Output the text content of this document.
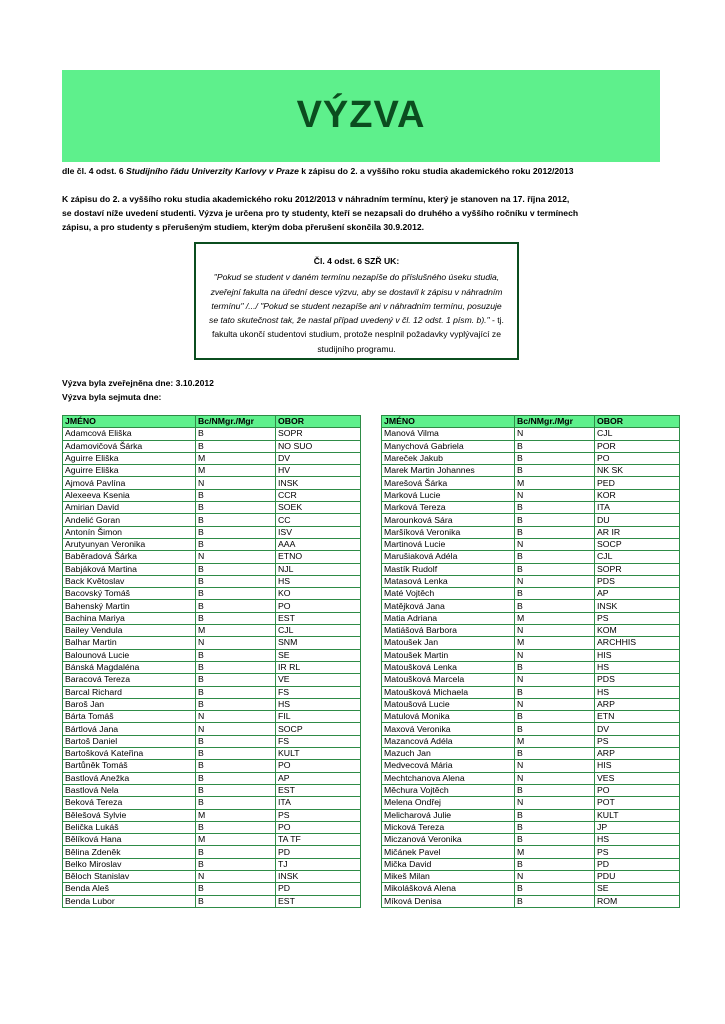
VÝZVA
dle čl. 4 odst. 6 Studijního řádu Univerzity Karlovy v Praze k zápisu do 2. a vyššího roku studia akademického roku 2012/2013
K zápisu do 2. a vyššího roku studia akademického roku 2012/2013 v náhradním termínu, který je stanoven na 17. října 2012,
se dostaví níže uvedení studenti. Výzva je určena pro ty studenty, kteří se nezapsali do druhého a vyššího ročníku v termínech
zápisu, a pro studenty s přerušeným studiem, kterým doba přerušení skončila 30.9.2012.
Čl. 4 odst. 6 SZŘ UK:
"Pokud se student v daném termínu nezapíše do příslušného úseku studia,
zveřejní fakulta na úřední desce výzvu, aby se dostavil k zápisu v náhradním
termínu" /.../ "Pokud se student nezapíše ani v náhradním termínu, posuzuje
se tato skutečnost tak, že nastal případ uvedený v čl. 12 odst. 1 písm. b)." - tj.
fakulta ukončí studentovi studium, protože nesplnil požadavky vyplývající ze
studijního programu.
Výzva byla zveřejněna dne: 3.10.2012
Výzva byla sejmuta dne:
JMÉNO	Bc/NMgr./Mgr	OBOR
Adamcová Eliška	B	SOPR
Adamovičová Šárka	B	NO SUO
Aguirre Eliška	M	DV
Aguirre Eliška	M	HV
Ajmová Pavlína	N	INSK
Alexeeva Ksenia	B	CCR
Amirian David	B	SOEK
Andelić Goran	B	CC
Antonín Šimon	B	ISV
Arutyunyan Veronika	B	AAA
Baběradová Šárka	N	ETNO
Babjáková Martina	B	NJL
Back Květoslav	B	HS
Bacovský Tomáš	B	KO
Bahenský Martin	B	PO
Bachina Mariya	B	EST
Bailey Vendula	M	CJL
Balhar Martin	N	SNM
Balounová Lucie	B	SE
Bánská Magdaléna	B	IR RL
Baracová Tereza	B	VE
Barcal Richard	B	FS
Baroš Jan	B	HS
Bárta Tomáš	N	FIL
Bártlová Jana	N	SOCP
Bartoš Daniel	B	FS
Bartošková Kateřina	B	KULT
Bartůněk Tomáš	B	PO
Bastlová Anežka	B	AP
Bastlová Nela	B	EST
Beková Tereza	B	ITA
Bělešová Sylvie	M	PS
Belička Lukáš	B	PO
Bělíková Hana	M	TA TF
Bělina Zdeněk	B	PD
Belko Miroslav	B	TJ
Běloch Stanislav	N	INSK
Benda Aleš	B	PD
Benda Lubor	B	EST
JMÉNO	Bc/NMgr./Mgr	OBOR
Manová Vilma	N	CJL
Manychová Gabriela	B	POR
Mareček Jakub	B	PO
Marek Martin Johannes	B	NK SK
Marešová Šárka	M	PED
Marková Lucie	N	KOR
Marková Tereza	B	ITA
Marounková Sára	B	DU
Maršíková Veronika	B	AR IR
Martinová Lucie	N	SOCP
Marušiaková Adéla	B	CJL
Mastík Rudolf	B	SOPR
Matasová Lenka	N	PDS
Maté Vojtěch	B	AP
Matějková Jana	B	INSK
Matia Adriana	M	PS
Matiášová Barbora	N	KOM
Matoušek Jan	M	ARCHHIS
Matoušek Martin	N	HIS
Matoušková Lenka	B	HS
Matoušková Marcela	N	PDS
Matoušková Michaela	B	HS
Matoušová Lucie	N	ARP
Matulová Monika	B	ETN
Maxová Veronika	B	DV
Mazancová Adéla	M	PS
Mazuch Jan	B	ARP
Medvecová Mária	N	HIS
Mechtchanova Alena	N	VES
Měchura Vojtěch	B	PO
Melena Ondřej	N	POT
Melicharová Julie	B	KULT
Micková Tereza	B	JP
Miczanová Veronika	B	HS
Mičánek Pavel	M	PS
Mička David	B	PD
Mikeš Milan	N	PDU
Mikolášková Alena	B	SE
Míková Denisa	B	ROM
